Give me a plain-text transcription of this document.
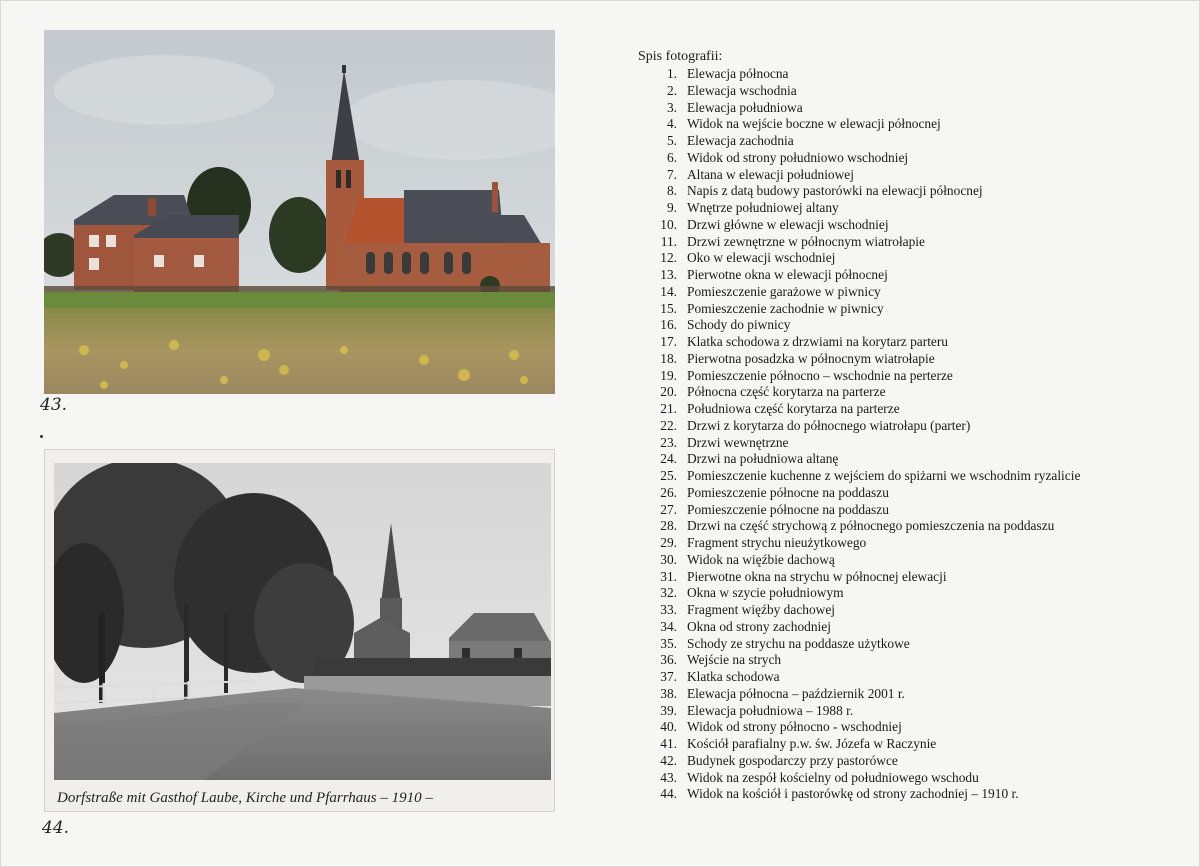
43.
Dorfstraße mit Gasthof Laube, Kirche und Pfarrhaus – 1910 –
44.
Spis fotografii:
1. Elewacja północna
2. Elewacja wschodnia
3. Elewacja południowa
4. Widok na wejście boczne w elewacji północnej
5. Elewacja zachodnia
6. Widok od strony południowo wschodniej
7. Altana w elewacji południowej
8. Napis z datą budowy pastorówki na elewacji północnej
9. Wnętrze południowej altany
10. Drzwi główne w elewacji wschodniej
11. Drzwi zewnętrzne w północnym wiatrołapie
12. Oko w elewacji wschodniej
13. Pierwotne okna w elewacji północnej
14. Pomieszczenie garażowe w piwnicy
15. Pomieszczenie zachodnie w piwnicy
16. Schody do piwnicy
17. Klatka schodowa z drzwiami na korytarz parteru
18. Pierwotna posadzka w północnym wiatrołapie
19. Pomieszczenie północno – wschodnie na perterze
20. Północna część korytarza na parterze
21. Południowa część korytarza na parterze
22. Drzwi z korytarza do północnego wiatrołapu (parter)
23. Drzwi wewnętrzne
24. Drzwi na południowa altanę
25. Pomieszczenie kuchenne z wejściem do spiżarni we wschodnim ryzalicie
26. Pomieszczenie północne na poddaszu
27. Pomieszczenie północne na poddaszu
28. Drzwi na część strychową z północnego pomieszczenia na poddaszu
29. Fragment strychu nieużytkowego
30. Widok na więźbie dachową
31. Pierwotne okna na strychu w północnej elewacji
32. Okna w szycie południowym
33. Fragment więźby dachowej
34. Okna od strony zachodniej
35. Schody ze strychu na poddasze użytkowe
36. Wejście na strych
37. Klatka schodowa
38. Elewacja północna – październik 2001 r.
39. Elewacja południowa – 1988 r.
40. Widok od strony północno - wschodniej
41. Kościół parafialny p.w. św. Józefa w Raczynie
42. Budynek gospodarczy przy pastorówce
43. Widok na zespół kościelny od południowego wschodu
44. Widok na kościół i pastorówkę od strony zachodniej – 1910 r.
